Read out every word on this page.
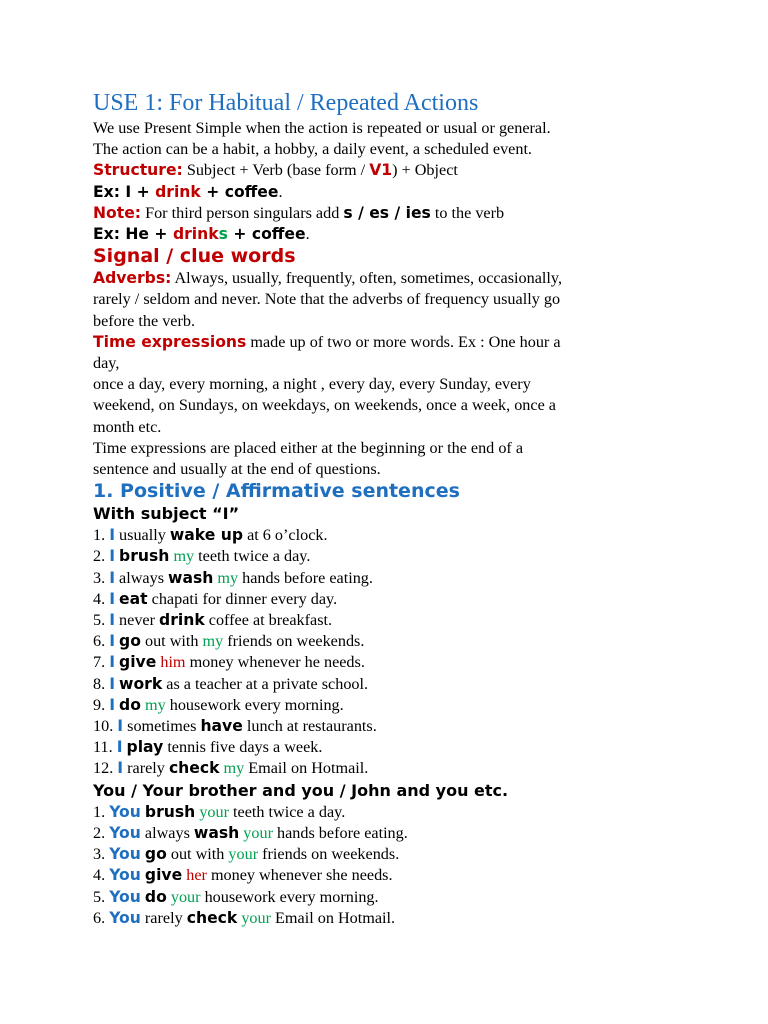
USE 1: For Habitual / Repeated Actions
We use Present Simple when the action is repeated or usual or general.
The action can be a habit, a hobby, a daily event, a scheduled event.
Structure: Subject + Verb (base form / V1) + Object
Ex: I + drink + coffee.
Note: For third person singulars add s / es / ies to the verb
Ex: He + drinks + coffee.
Signal / clue words
Adverbs: Always, usually, frequently, often, sometimes, occasionally,
rarely / seldom and never. Note that the adverbs of frequency usually go
before the verb.
Time expressions made up of two or more words. Ex : One hour a
day,
once a day, every morning, a night , every day, every Sunday, every
weekend, on Sundays, on weekdays, on weekends, once a week, once a
month etc.
Time expressions are placed either at the beginning or the end of a
sentence and usually at the end of questions.
1. Positive / Affirmative sentences
With subject “I”
1. I usually wake up at 6 o’clock.
2. I brush my teeth twice a day.
3. I always wash my hands before eating.
4. I eat chapati for dinner every day.
5. I never drink coffee at breakfast.
6. I go out with my friends on weekends.
7. I give him money whenever he needs.
8. I work as a teacher at a private school.
9. I do my housework every morning.
10. I sometimes have lunch at restaurants.
11. I play tennis five days a week.
12. I rarely check my Email on Hotmail.
You / Your brother and you / John and you etc.
1. You brush your teeth twice a day.
2. You always wash your hands before eating.
3. You go out with your friends on weekends.
4. You give her money whenever she needs.
5. You do your housework every morning.
6. You rarely check your Email on Hotmail.
